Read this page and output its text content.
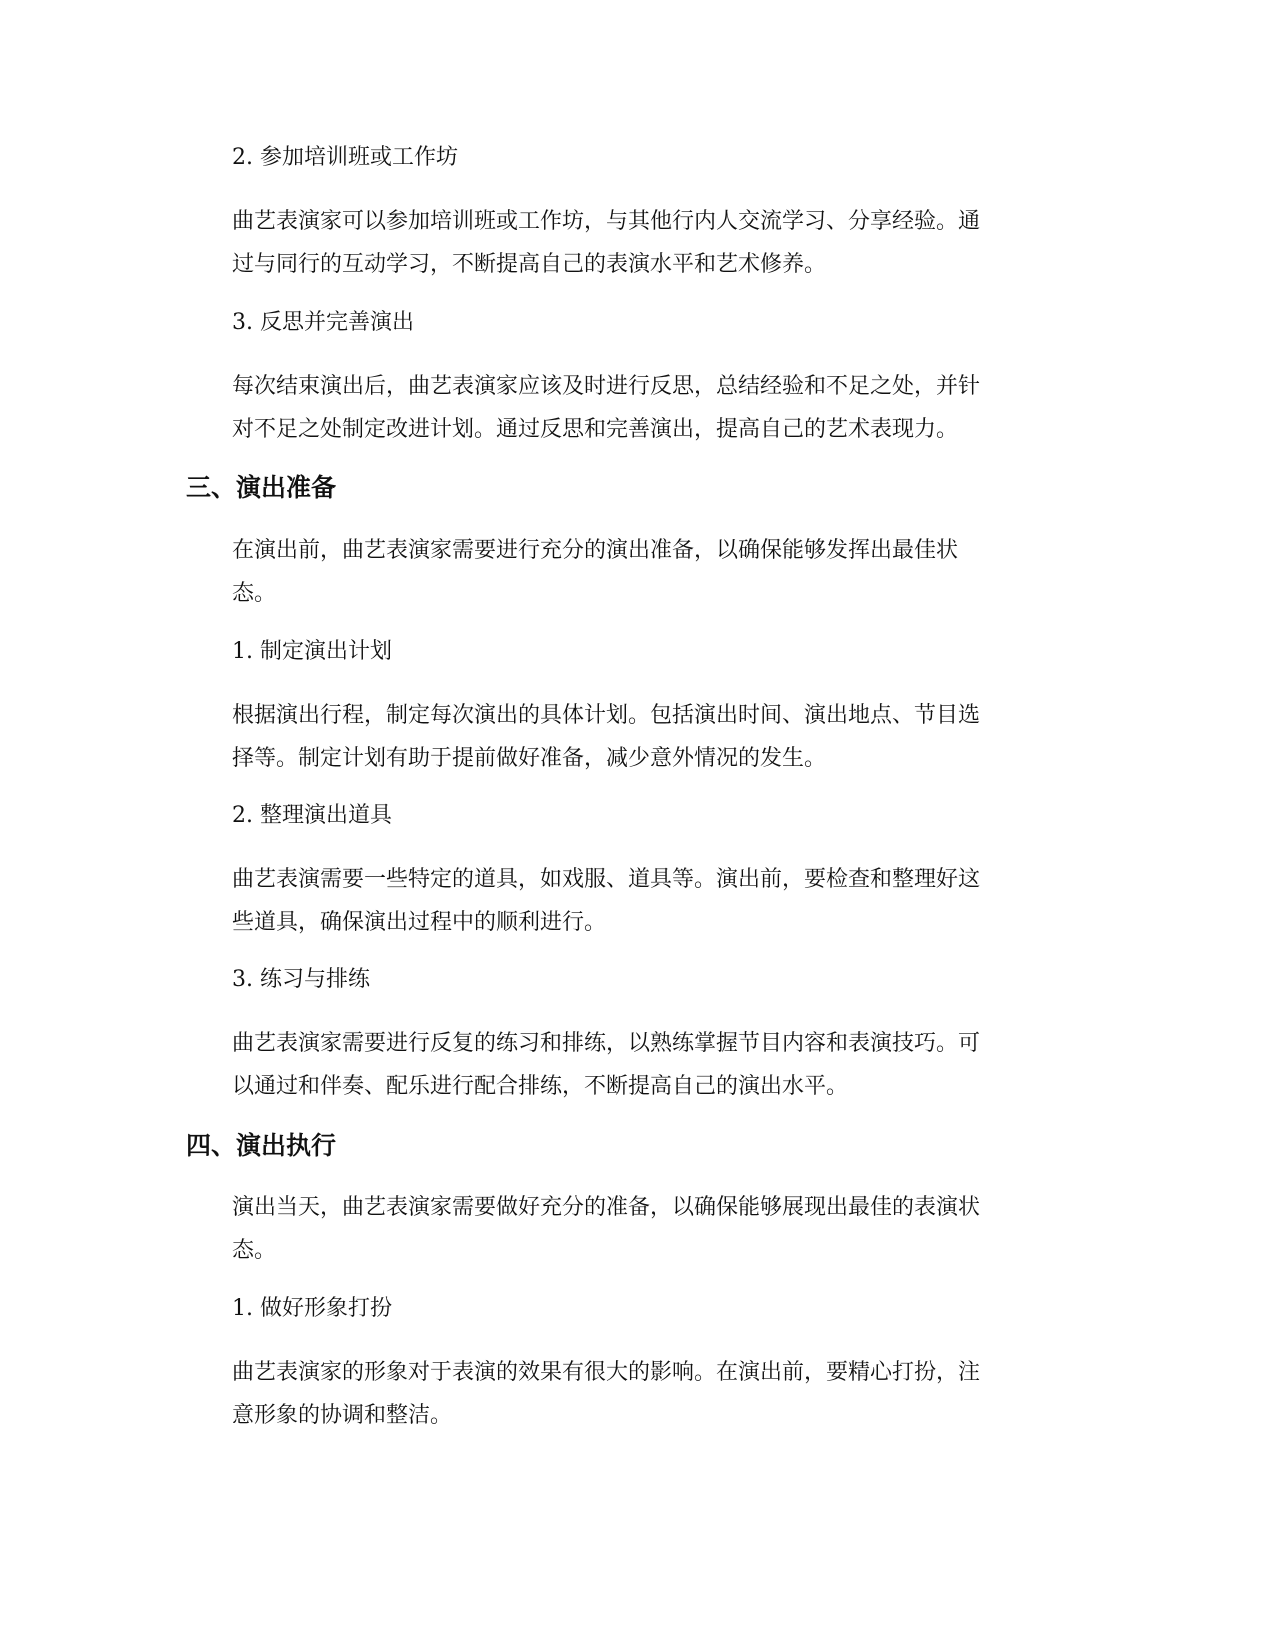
2. 参加培训班或工作坊

曲艺表演家可以参加培训班或工作坊，与其他行内人交流学习、分享经验。通
过与同行的互动学习，不断提高自己的表演水平和艺术修养。

3. 反思并完善演出

每次结束演出后，曲艺表演家应该及时进行反思，总结经验和不足之处，并针
对不足之处制定改进计划。通过反思和完善演出，提高自己的艺术表现力。

三、演出准备

在演出前，曲艺表演家需要进行充分的演出准备，以确保能够发挥出最佳状
态。

1. 制定演出计划

根据演出行程，制定每次演出的具体计划。包括演出时间、演出地点、节目选
择等。制定计划有助于提前做好准备，减少意外情况的发生。

2. 整理演出道具

曲艺表演需要一些特定的道具，如戏服、道具等。演出前，要检查和整理好这
些道具，确保演出过程中的顺利进行。

3. 练习与排练

曲艺表演家需要进行反复的练习和排练，以熟练掌握节目内容和表演技巧。可
以通过和伴奏、配乐进行配合排练，不断提高自己的演出水平。

四、演出执行

演出当天，曲艺表演家需要做好充分的准备，以确保能够展现出最佳的表演状
态。

1. 做好形象打扮

曲艺表演家的形象对于表演的效果有很大的影响。在演出前，要精心打扮，注
意形象的协调和整洁。
